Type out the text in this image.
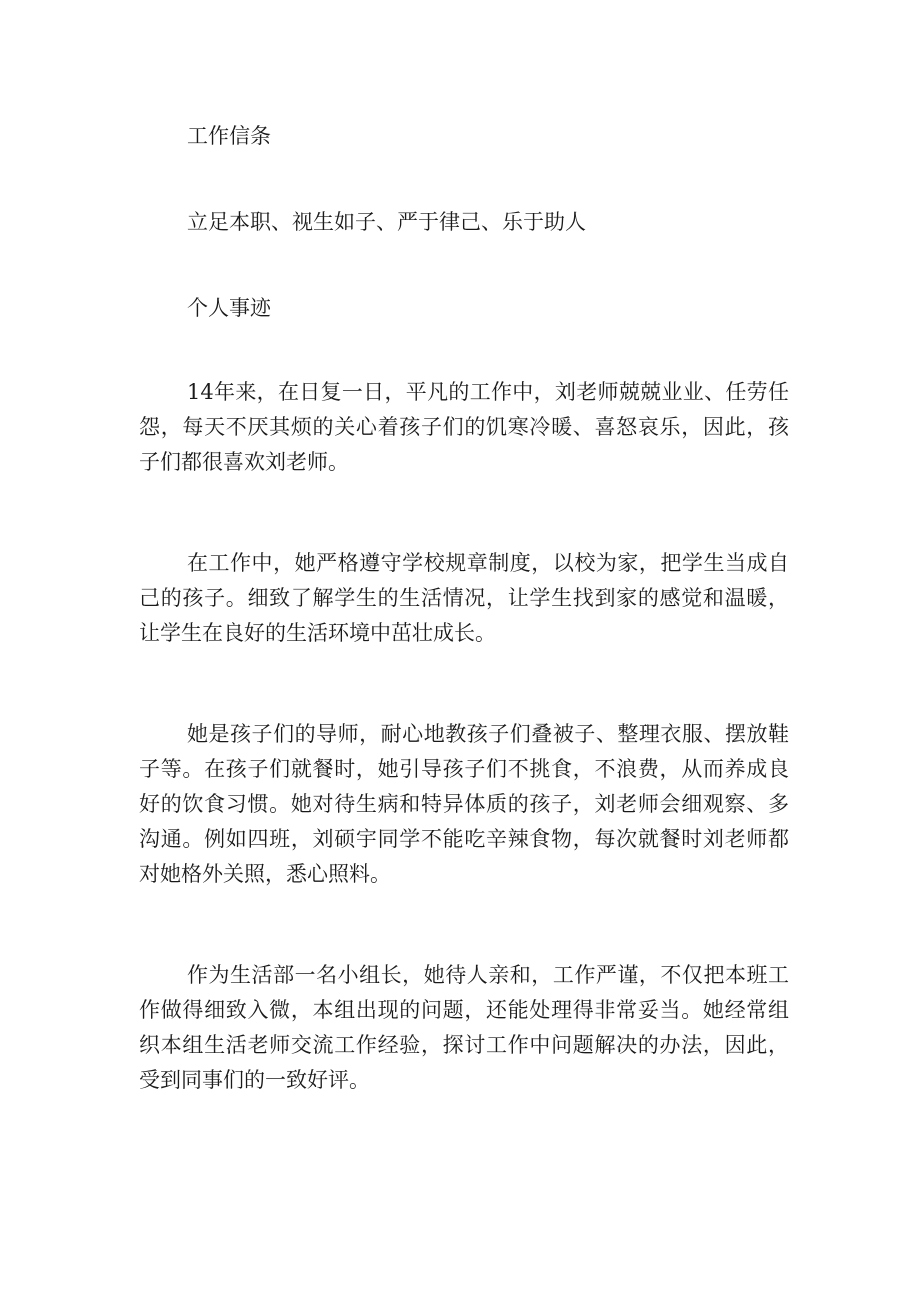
工作信条
立足本职、视生如子、严于律己、乐于助人
个人事迹

14年来，在日复一日，平凡的工作中，刘老师兢兢业业、任劳任怨，每天不厌其烦的关心着孩子们的饥寒冷暖、喜怒哀乐，因此，孩子们都很喜欢刘老师。

在工作中，她严格遵守学校规章制度，以校为家，把学生当成自己的孩子。细致了解学生的生活情况，让学生找到家的感觉和温暖，让学生在良好的生活环境中茁壮成长。

她是孩子们的导师，耐心地教孩子们叠被子、整理衣服、摆放鞋子等。在孩子们就餐时，她引导孩子们不挑食，不浪费，从而养成良好的饮食习惯。她对待生病和特异体质的孩子，刘老师会细观察、多沟通。例如四班，刘硕宇同学不能吃辛辣食物，每次就餐时刘老师都对她格外关照，悉心照料。

作为生活部一名小组长，她待人亲和，工作严谨，不仅把本班工作做得细致入微，本组出现的问题，还能处理得非常妥当。她经常组织本组生活老师交流工作经验，探讨工作中问题解决的办法，因此，受到同事们的一致好评。
